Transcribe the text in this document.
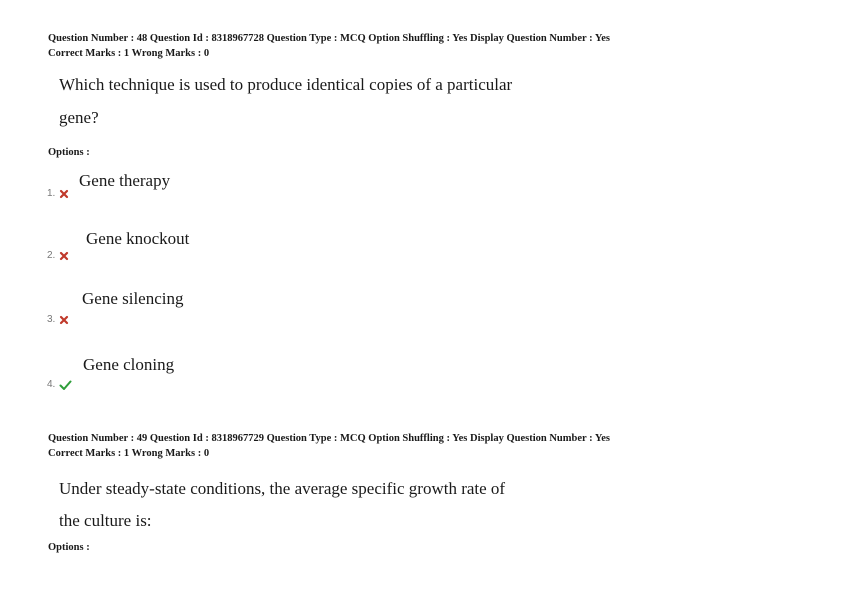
Question Number : 48 Question Id : 8318967728 Question Type : MCQ Option Shuffling : Yes Display Question Number : Yes
Correct Marks : 1 Wrong Marks : 0
Which technique is used to produce identical copies of a particular
gene?
Options :
Gene therapy
1.
Gene knockout
2.
Gene silencing
3.
Gene cloning
4.
Question Number : 49 Question Id : 8318967729 Question Type : MCQ Option Shuffling : Yes Display Question Number : Yes
Correct Marks : 1 Wrong Marks : 0
Under steady-state conditions, the average specific growth rate of
the culture is:
Options :
